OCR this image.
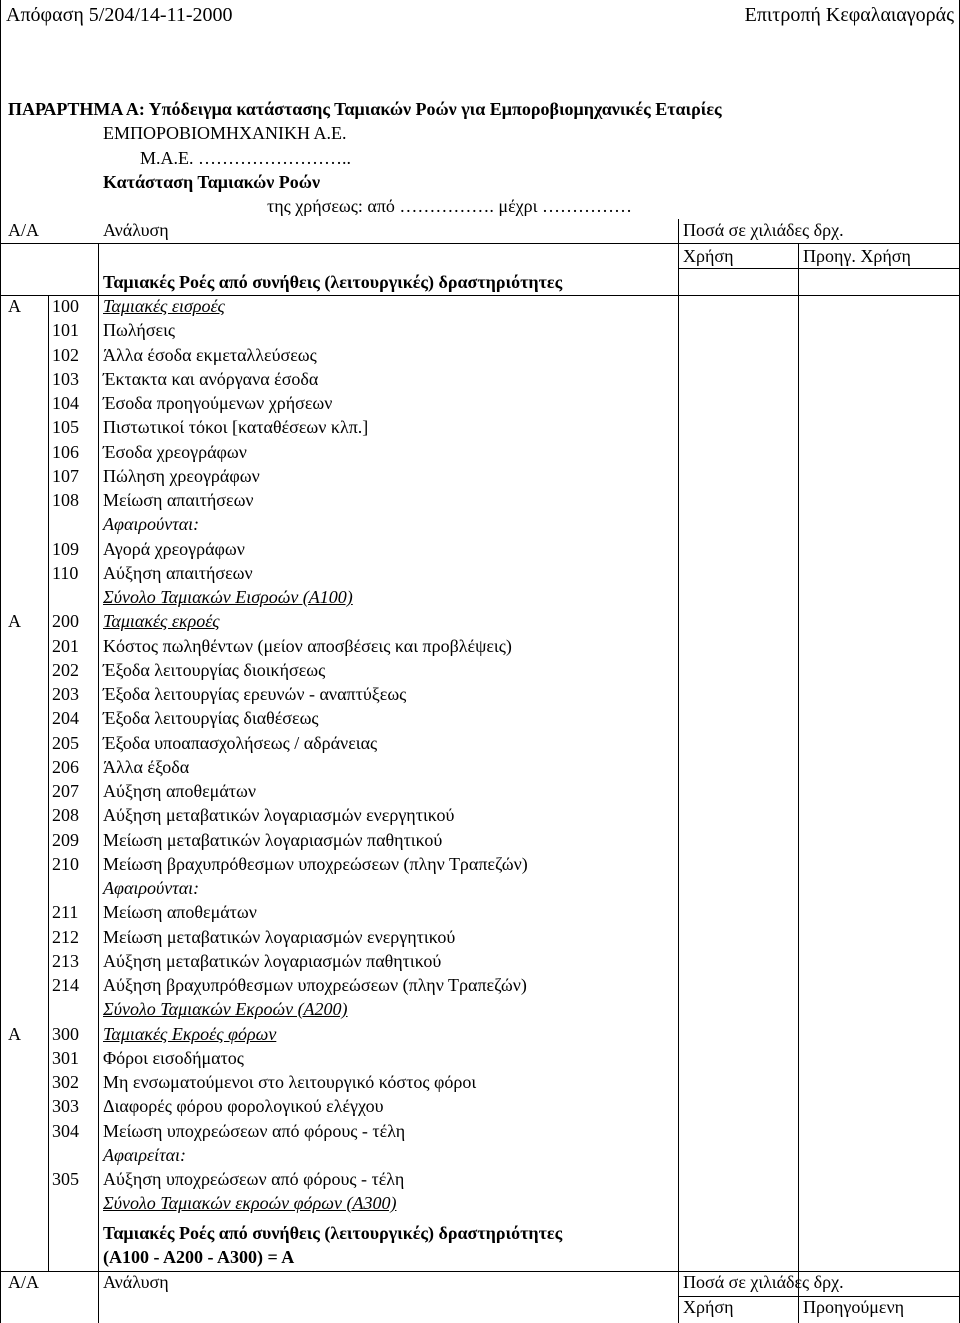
Απόφαση 5/204/14-11-2000	Επιτροπή Κεφαλαιαγοράς
ΠΑΡΑΡΤΗΜΑ Α: Υπόδειγμα κατάστασης Ταμιακών Ροών για Εμποροβιομηχανικές Εταιρίες
ΕΜΠΟΡΟΒΙΟΜΗΧΑΝΙΚΗ Α.Ε.
Μ.Α.Ε. ……………………..
Κατάσταση Ταμιακών Ροών
της χρήσεως: από ……………. μέχρι ……………
Α/Α	Ανάλυση	Ποσά σε χιλιάδες δρχ.
Χρήση	Προηγ. Χρήση
Ταμιακές Ροές από συνήθεις (λειτουργικές) δραστηριότητες
Α 100	Ταμιακές εισροές
101	Πωλήσεις
102	Άλλα έσοδα εκμεταλλεύσεως
103	Έκτακτα και ανόργανα έσοδα
104	Έσοδα προηγούμενων χρήσεων
105	Πιστωτικοί τόκοι [καταθέσεων κλπ.]
106	Έσοδα χρεογράφων
107	Πώληση χρεογράφων
108	Μείωση απαιτήσεων
Αφαιρούνται:
109	Αγορά χρεογράφων
110	Αύξηση απαιτήσεων
Σύνολο Ταμιακών Εισροών (Α100)
Α 200	Ταμιακές εκροές
201	Κόστος πωληθέντων (μείον αποσβέσεις και προβλέψεις)
202	Έξοδα λειτουργίας διοικήσεως
203	Έξοδα λειτουργίας ερευνών - αναπτύξεως
204	Έξοδα λειτουργίας διαθέσεως
205	Έξοδα υποαπασχολήσεως / αδράνειας
206	Άλλα έξοδα
207	Αύξηση αποθεμάτων
208	Αύξηση μεταβατικών λογαριασμών ενεργητικού
209	Μείωση μεταβατικών λογαριασμών παθητικού
210	Μείωση βραχυπρόθεσμων υποχρεώσεων (πλην Τραπεζών)
Αφαιρούνται:
211	Μείωση αποθεμάτων
212	Μείωση μεταβατικών λογαριασμών ενεργητικού
213	Αύξηση μεταβατικών λογαριασμών παθητικού
214	Αύξηση βραχυπρόθεσμων υποχρεώσεων (πλην Τραπεζών)
Σύνολο Ταμιακών Εκροών (Α200)
Α 300	Ταμιακές Εκροές φόρων
301	Φόροι εισοδήματος
302	Μη ενσωματούμενοι στο λειτουργικό κόστος φόροι
303	Διαφορές φόρου φορολογικού ελέγχου
304	Μείωση υποχρεώσεων από φόρους - τέλη
Αφαιρείται:
305	Αύξηση υποχρεώσεων από φόρους - τέλη
Σύνολο Ταμιακών εκροών φόρων (Α300)
Ταμιακές Ροές από συνήθεις (λειτουργικές) δραστηριότητες
(Α100 - Α200 - Α300) = Α
Α/Α	Ανάλυση	Ποσά σε χιλιάδες δρχ.
Χρήση	Προηγούμενη
